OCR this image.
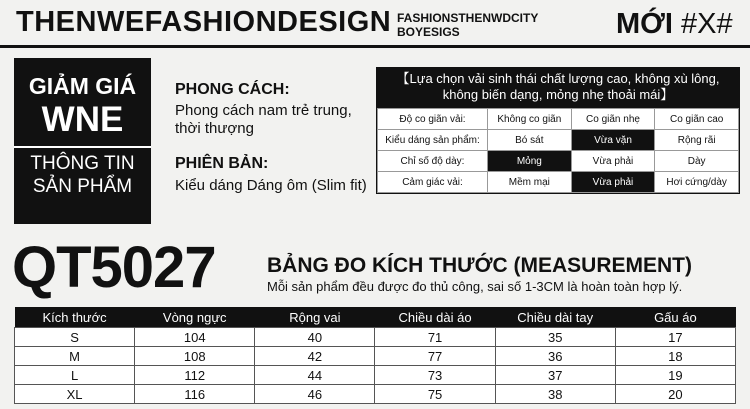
THENWEFASHIONDESIGN FASHIONSTHENWDCITY
BOYESIGS	MỚI #X#
GIẢM GIÁ
WNE
THÔNG TIN
SẢN PHẨM
PHONG CÁCH:
Phong cách nam trẻ trung, thời thượng
PHIÊN BẢN:
Kiểu dáng Dáng ôm (Slim fit)
【Lựa chọn vải sinh thái chất lượng cao, không xù lông, không biến dạng, mỏng nhẹ thoải mái】
Độ co giãn vải:	Không co giãn	Co giãn nhẹ	Co giãn cao
Kiểu dáng sản phẩm:	Bó sát	Vừa vặn	Rộng rãi
Chỉ số độ dày:	Mỏng	Vừa phải	Dày
Cảm giác vải:	Mềm mại	Vừa phải	Hơi cứng/dày
QT5027 BẢNG ĐO KÍCH THƯỚC (MEASUREMENT)
Mỗi sản phẩm đều được đo thủ công, sai số 1-3CM là hoàn toàn hợp lý.
Kích thước	Vòng ngực	Rộng vai	Chiều dài áo	Chiều dài tay	Gấu áo
S	104	40	71	35	17
M	108	42	77	36	18
L	112	44	73	37	19
XL	116	46	75	38	20
